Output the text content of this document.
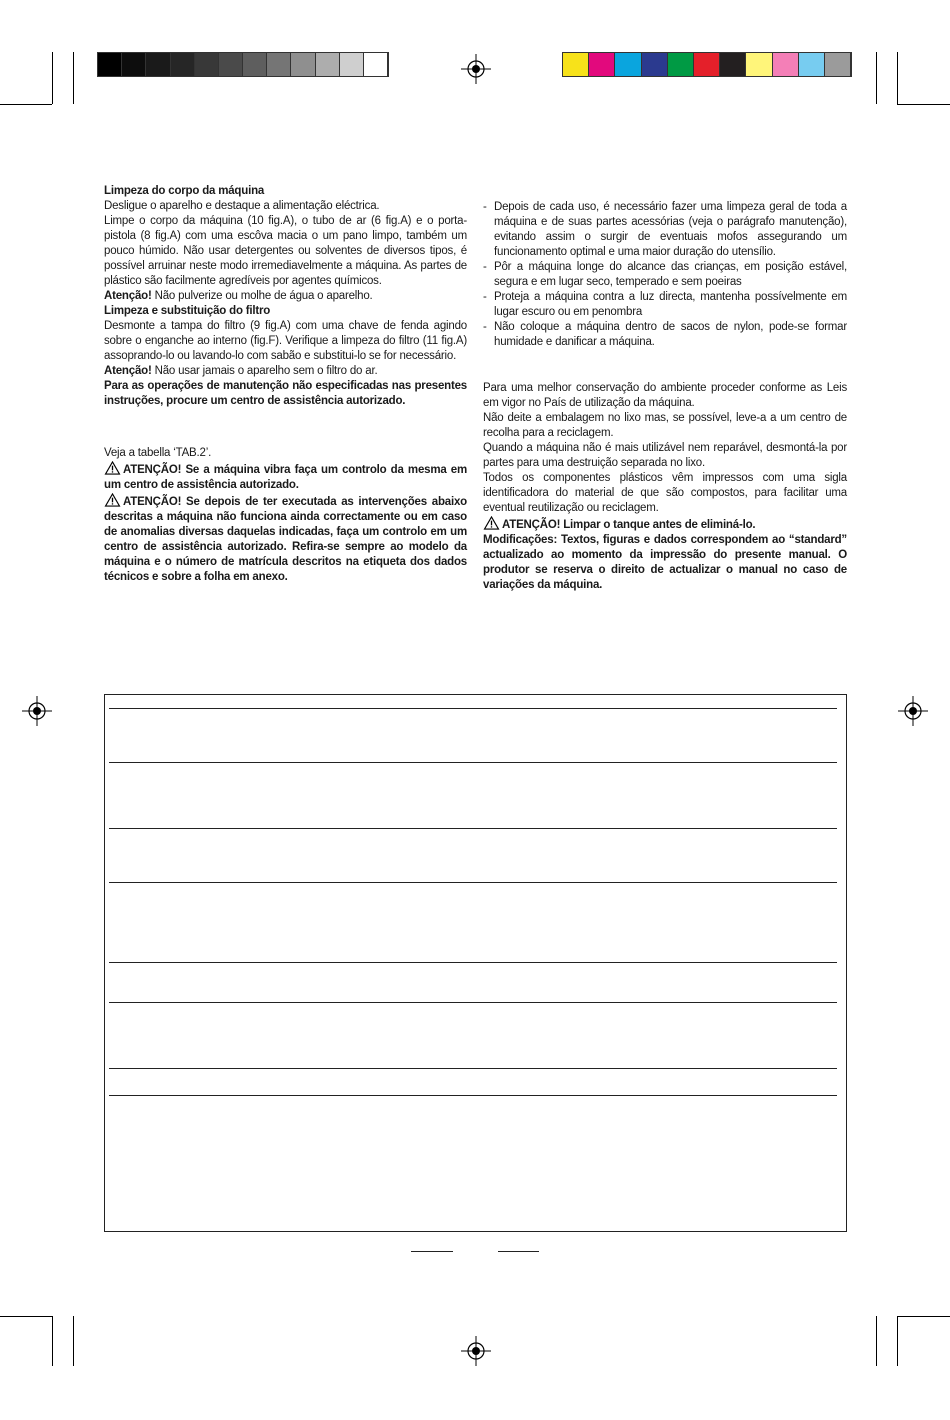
Limpeza do corpo da máquina

Desligue o aparelho e destaque a alimentação eléctrica.

Limpe o corpo da máquina (10 fig.A), o tubo de ar (6 fig.A) e o porta-pistola (8 fig.A) com uma escôva macia o um pano limpo, também um pouco húmido. Não usar detergentes ou solventes de diversos tipos, é possível arruinar neste modo irremediavelmente a máquina. As partes de plástico são facilmente agredíveis por agentes químicos.

Atenção! Não pulverize ou molhe de água o aparelho.

Limpeza e substituição do filtro

Desmonte a tampa do filtro (9 fig.A) com uma chave de fenda agindo sobre o enganche ao interno (fig.F). Verifique a limpeza do filtro (11 fig.A) assoprando-lo ou lavando-lo com sabão e substitui-lo se for necessário.

Atenção! Não usar jamais o aparelho sem o filtro do ar.

Para as operações de manutenção não especificadas nas presentes instruções, procure um centro de assistência autorizado.

Veja a tabella ‘TAB.2’.

ATENÇÃO! Se a máquina vibra faça um controlo da mesma em um centro de assistência autorizado.

ATENÇÃO! Se depois de ter executada as intervenções abaixo descritas a máquina não funciona ainda correctamente ou em caso de anomalias diversas daquelas indicadas, faça um controlo em um centro de assistência autorizado. Refira-se sempre ao modelo da máquina e o número de matrícula descritos na etiqueta dos dados técnicos e sobre a folha em anexo.

- Depois de cada uso, é necessário fazer uma limpeza geral de toda a máquina e de suas partes acessórias (veja o parágrafo manutenção), evitando assim o surgir de eventuais mofos assegurando um funcionamento optimal e uma maior duração do utensílio.
- Pôr a máquina longe do alcance das crianças, em posição estável, segura e em lugar seco, temperado e sem poeiras
- Proteja a máquina contra a luz directa, mantenha possívelmente em lugar escuro ou em penombra
- Não coloque a máquina dentro de sacos de nylon, pode-se formar humidade e danificar a máquina.

Para uma melhor conservação do ambiente proceder conforme as Leis em vigor no País de utilização da máquina.

Não deite a embalagem no lixo mas, se possível, leve-a a um centro de recolha para a reciclagem.

Quando a máquina não é mais utilizável nem reparável, desmontá-la por partes para uma destruição separada no lixo.

Todos os componentes plásticos vêm impressos com uma sigla identificadora do material de que são compostos, para facilitar uma eventual reutilização ou reciclagem.

ATENÇÃO! Limpar o tanque antes de eliminá-lo.

Modificações: Textos, figuras e dados correspondem ao “standard” actualizado ao momento da impressão do presente manual. O produtor se reserva o direito de actualizar o manual no caso de variações da máquina.
